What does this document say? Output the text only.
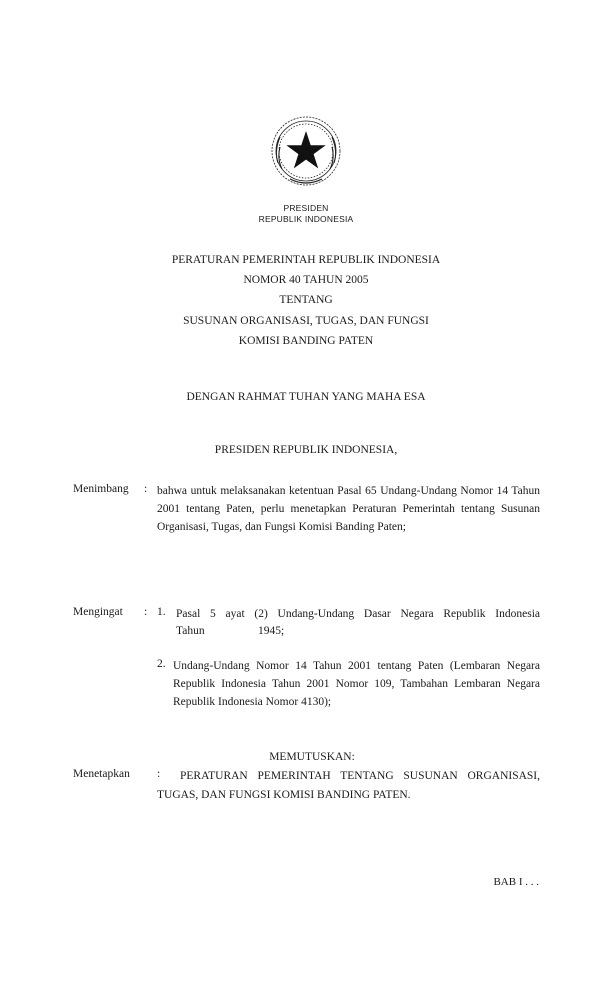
PRESIDEN
REPUBLIK INDONESIA
PERATURAN PEMERINTAH REPUBLIK INDONESIA
NOMOR 40 TAHUN 2005
TENTANG
SUSUNAN ORGANISASI, TUGAS, DAN FUNGSI
KOMISI BANDING PATEN
DENGAN RAHMAT TUHAN YANG MAHA ESA
PRESIDEN REPUBLIK INDONESIA,
Menimbang : bahwa untuk melaksanakan ketentuan Pasal 65 Undang-Undang Nomor 14 Tahun 2001 tentang Paten, perlu menetapkan Peraturan Pemerintah tentang Susunan Organisasi, Tugas, dan Fungsi Komisi Banding Paten;
Mengingat : 1. Pasal 5 ayat (2) Undang-Undang Dasar Negara Republik Indonesia
Tahun	1945;
2. Undang-Undang Nomor 14 Tahun 2001 tentang Paten (Lembaran Negara Republik Indonesia Tahun 2001 Nomor 109, Tambahan Lembaran Negara Republik Indonesia Nomor 4130);
MEMUTUSKAN:
Menetapkan : PERATURAN PEMERINTAH TENTANG SUSUNAN ORGANISASI,
TUGAS, DAN FUNGSI KOMISI BANDING PATEN.
BAB I . . .
